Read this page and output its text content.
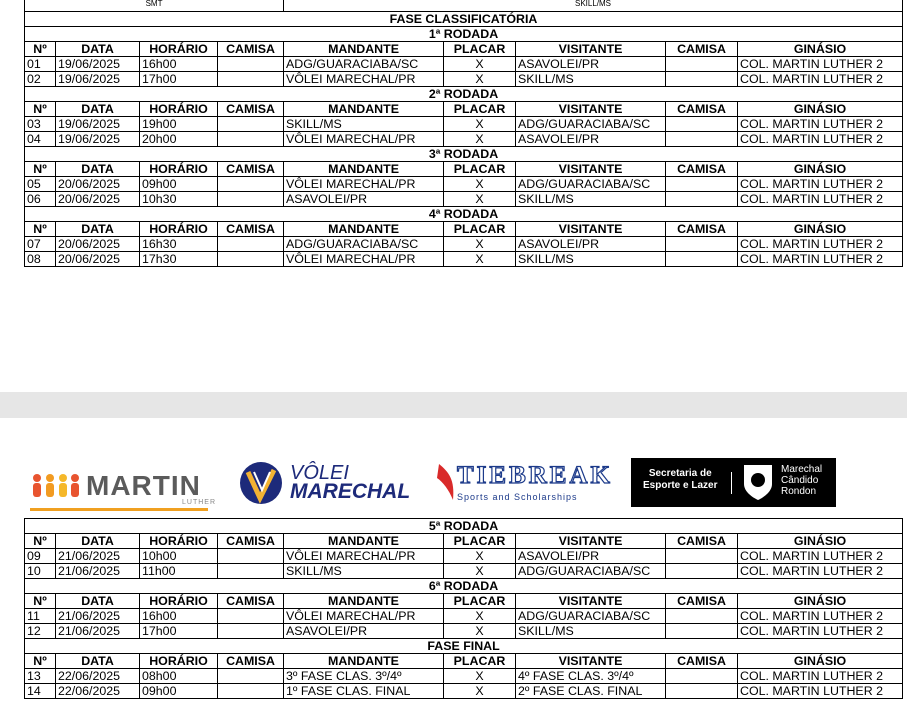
SMT				SKILL/MS				
FASE CLASSIFICATÓRIA								
1ª RODADA								
Nº	DATA	HORÁRIO	CAMISA	MANDANTE	PLACAR	VISITANTE	CAMISA	GINÁSIO
01	19/06/2025	16h00		ADG/GUARACIABA/SC	X	ASAVOLEI/PR		COL. MARTIN LUTHER 2
02	19/06/2025	17h00		VÔLEI MARECHAL/PR	X	SKILL/MS		COL. MARTIN LUTHER 2
2ª RODADA								
Nº	DATA	HORÁRIO	CAMISA	MANDANTE	PLACAR	VISITANTE	CAMISA	GINÁSIO
03	19/06/2025	19h00		SKILL/MS	X	ADG/GUARACIABA/SC		COL. MARTIN LUTHER 2
04	19/06/2025	20h00		VÔLEI MARECHAL/PR	X	ASAVOLEI/PR		COL. MARTIN LUTHER 2
3ª RODADA								
Nº	DATA	HORÁRIO	CAMISA	MANDANTE	PLACAR	VISITANTE	CAMISA	GINÁSIO
05	20/06/2025	09h00		VÔLEI MARECHAL/PR	X	ADG/GUARACIABA/SC		COL. MARTIN LUTHER 2
06	20/06/2025	10h30		ASAVOLEI/PR	X	SKILL/MS		COL. MARTIN LUTHER 2
4ª RODADA								
Nº	DATA	HORÁRIO	CAMISA	MANDANTE	PLACAR	VISITANTE	CAMISA	GINÁSIO
07	20/06/2025	16h30		ADG/GUARACIABA/SC	X	ASAVOLEI/PR		COL. MARTIN LUTHER 2
08	20/06/2025	17h30		VÔLEI MARECHAL/PR	X	SKILL/MS		COL. MARTIN LUTHER 2
MARTIN
LUTHER
VÔLEI
MARECHAL
TIEBREAK
Sports and Scholarships
Secretaria de
Esporte e Lazer
Marechal
Cândido
Rondon
5ª RODADA								
Nº	DATA	HORÁRIO	CAMISA	MANDANTE	PLACAR	VISITANTE	CAMISA	GINÁSIO
09	21/06/2025	10h00		VÔLEI MARECHAL/PR	X	ASAVOLEI/PR		COL. MARTIN LUTHER 2
10	21/06/2025	11h00		SKILL/MS	X	ADG/GUARACIABA/SC		COL. MARTIN LUTHER 2
6ª RODADA								
Nº	DATA	HORÁRIO	CAMISA	MANDANTE	PLACAR	VISITANTE	CAMISA	GINÁSIO
11	21/06/2025	16h00		VÔLEI MARECHAL/PR	X	ADG/GUARACIABA/SC		COL. MARTIN LUTHER 2
12	21/06/2025	17h00		ASAVOLEI/PR	X	SKILL/MS		COL. MARTIN LUTHER 2
FASE FINAL								
Nº	DATA	HORÁRIO	CAMISA	MANDANTE	PLACAR	VISITANTE	CAMISA	GINÁSIO
13	22/06/2025	08h00		3º FASE CLAS. 3º/4º	X	4º FASE CLAS. 3º/4º		COL. MARTIN LUTHER 2
14	22/06/2025	09h00		1º FASE CLAS. FINAL	X	2º FASE CLAS. FINAL		COL. MARTIN LUTHER 2
